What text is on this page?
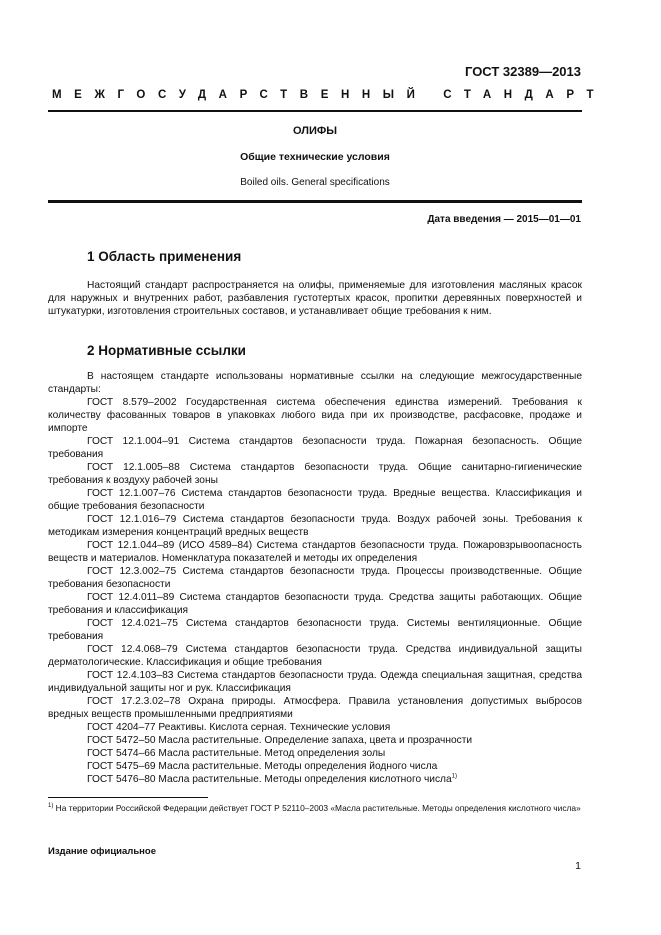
ГОСТ 32389—2013
МЕЖГОСУДАРСТВЕННЫЙ СТАНДАРТ
ОЛИФЫ
Общие технические условия
Boiled oils. General specifications
Дата введения — 2015—01—01
1 Область применения

Настоящий стандарт распространяется на олифы, применяемые для изготовления масляных красок для наружных и внутренних работ, разбавления густотертых красок, пропитки деревянных поверхностей и штукатурки, изготовления строительных составов, и устанавливает общие требования к ним.

2 Нормативные ссылки

В настоящем стандарте использованы нормативные ссылки на следующие межгосударственные стандарты:

ГОСТ 8.579–2002 Государственная система обеспечения единства измерений. Требования к количеству фасованных товаров в упаковках любого вида при их производстве, расфасовке, продаже и импорте

ГОСТ 12.1.004–91 Система стандартов безопасности труда. Пожарная безопасность. Общие требования

ГОСТ 12.1.005–88 Система стандартов безопасности труда. Общие санитарно-гигиенические требования к воздуху рабочей зоны

ГОСТ 12.1.007–76 Система стандартов безопасности труда. Вредные вещества. Классификация и общие требования безопасности

ГОСТ 12.1.016–79 Система стандартов безопасности труда. Воздух рабочей зоны. Требования к методикам измерения концентраций вредных веществ

ГОСТ 12.1.044–89 (ИСО 4589–84) Система стандартов безопасности труда. Пожаровзрывоопасность веществ и материалов. Номенклатура показателей и методы их определения

ГОСТ 12.3.002–75 Система стандартов безопасности труда. Процессы производственные. Общие требования безопасности

ГОСТ 12.4.011–89 Система стандартов безопасности труда. Средства защиты работающих. Общие требования и классификация

ГОСТ 12.4.021–75 Система стандартов безопасности труда. Системы вентиляционные. Общие требования

ГОСТ 12.4.068–79 Система стандартов безопасности труда. Средства индивидуальной защиты дерматологические. Классификация и общие требования

ГОСТ 12.4.103–83 Система стандартов безопасности труда. Одежда специальная защитная, средства индивидуальной защиты ног и рук. Классификация

ГОСТ 17.2.3.02–78 Охрана природы. Атмосфера. Правила установления допустимых выбросов вредных веществ промышленными предприятиями

ГОСТ 4204–77 Реактивы. Кислота серная. Технические условия

ГОСТ 5472–50 Масла растительные. Определение запаха, цвета и прозрачности

ГОСТ 5474–66 Масла растительные. Метод определения золы

ГОСТ 5475–69 Масла растительные. Методы определения йодного числа

ГОСТ 5476–80 Масла растительные. Методы определения кислотного числа$^{1)}$

$^{1)}$ На территории Российской Федерации действует ГОСТ Р 52110–2003 «Масла растительные. Методы определения кислотного числа»

Издание официальное
1
